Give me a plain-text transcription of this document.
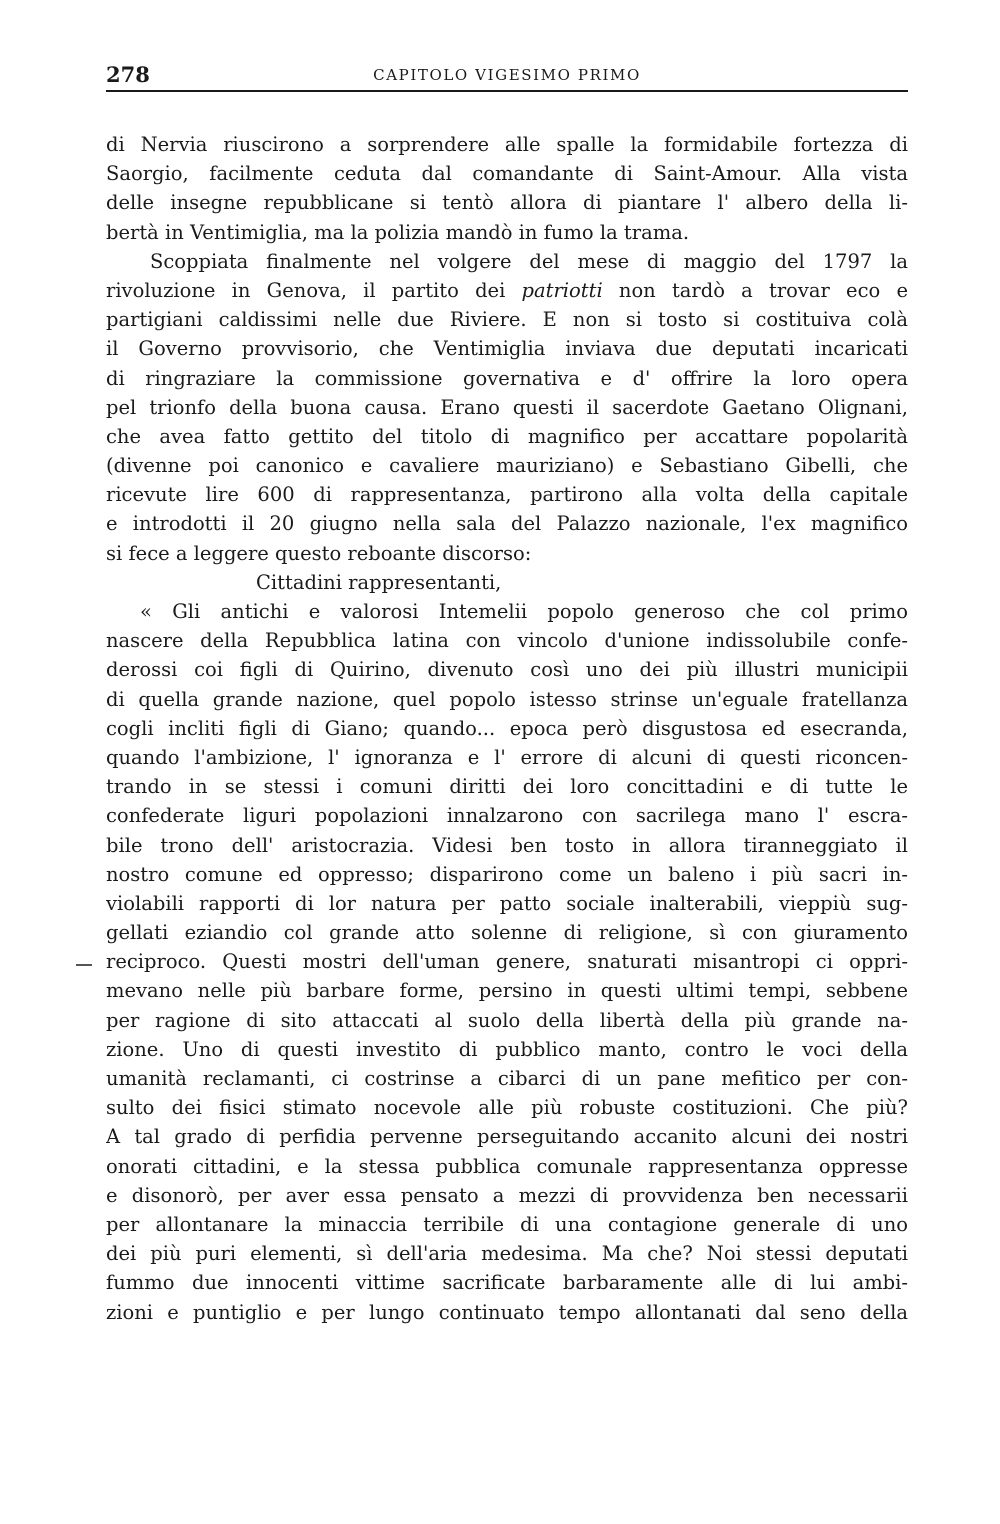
278	CAPITOLO VIGESIMO PRIMO
di Nervia riuscirono a sorprendere alle spalle la formidabile fortezza di
Saorgio, facilmente ceduta dal comandante di Saint-Amour. Alla vista
delle insegne repubblicane si tentò allora di piantare l' albero della li-
bertà in Ventimiglia, ma la polizia mandò in fumo la trama.
Scoppiata finalmente nel volgere del mese di maggio del 1797 la
rivoluzione in Genova, il partito dei patriotti non tardò a trovar eco e
partigiani caldissimi nelle due Riviere. E non si tosto si costituiva colà
il Governo provvisorio, che Ventimiglia inviava due deputati incaricati
di ringraziare la commissione governativa e d' offrire la loro opera
pel trionfo della buona causa. Erano questi il sacerdote Gaetano Olignani,
che avea fatto gettito del titolo di magnifico per accattare popolarità
(divenne poi canonico e cavaliere mauriziano) e Sebastiano Gibelli, che
ricevute lire 600 di rappresentanza, partirono alla volta della capitale
e introdotti il 20 giugno nella sala del Palazzo nazionale, l'ex magnifico
si fece a leggere questo reboante discorso:
Cittadini rappresentanti,
« Gli antichi e valorosi Intemelii popolo generoso che col primo
nascere della Repubblica latina con vincolo d'unione indissolubile confe-
derossi coi figli di Quirino, divenuto così uno dei più illustri municipii
di quella grande nazione, quel popolo istesso strinse un'eguale fratellanza
cogli incliti figli di Giano; quando... epoca però disgustosa ed esecranda,
quando l'ambizione, l' ignoranza e l' errore di alcuni di questi riconcen-
trando in se stessi i comuni diritti dei loro concittadini e di tutte le
confederate liguri popolazioni innalzarono con sacrilega mano l' escra-
bile trono dell' aristocrazia. Videsi ben tosto in allora tiranneggiato il
nostro comune ed oppresso; disparirono come un baleno i più sacri in-
violabili rapporti di lor natura per patto sociale inalterabili, vieppiù sug-
gellati eziandio col grande atto solenne di religione, sì con giuramento
reciproco. Questi mostri dell'uman genere, snaturati misantropi ci oppri-
mevano nelle più barbare forme, persino in questi ultimi tempi, sebbene
per ragione di sito attaccati al suolo della libertà della più grande na-
zione. Uno di questi investito di pubblico manto, contro le voci della
umanità reclamanti, ci costrinse a cibarci di un pane mefitico per con-
sulto dei fisici stimato nocevole alle più robuste costituzioni. Che più?
A tal grado di perfidia pervenne perseguitando accanito alcuni dei nostri
onorati cittadini, e la stessa pubblica comunale rappresentanza oppresse
e disonorò, per aver essa pensato a mezzi di provvidenza ben necessarii
per allontanare la minaccia terribile di una contagione generale di uno
dei più puri elementi, sì dell'aria medesima. Ma che? Noi stessi deputati
fummo due innocenti vittime sacrificate barbaramente alle di lui ambi-
zioni e puntiglio e per lungo continuato tempo allontanati dal seno della
